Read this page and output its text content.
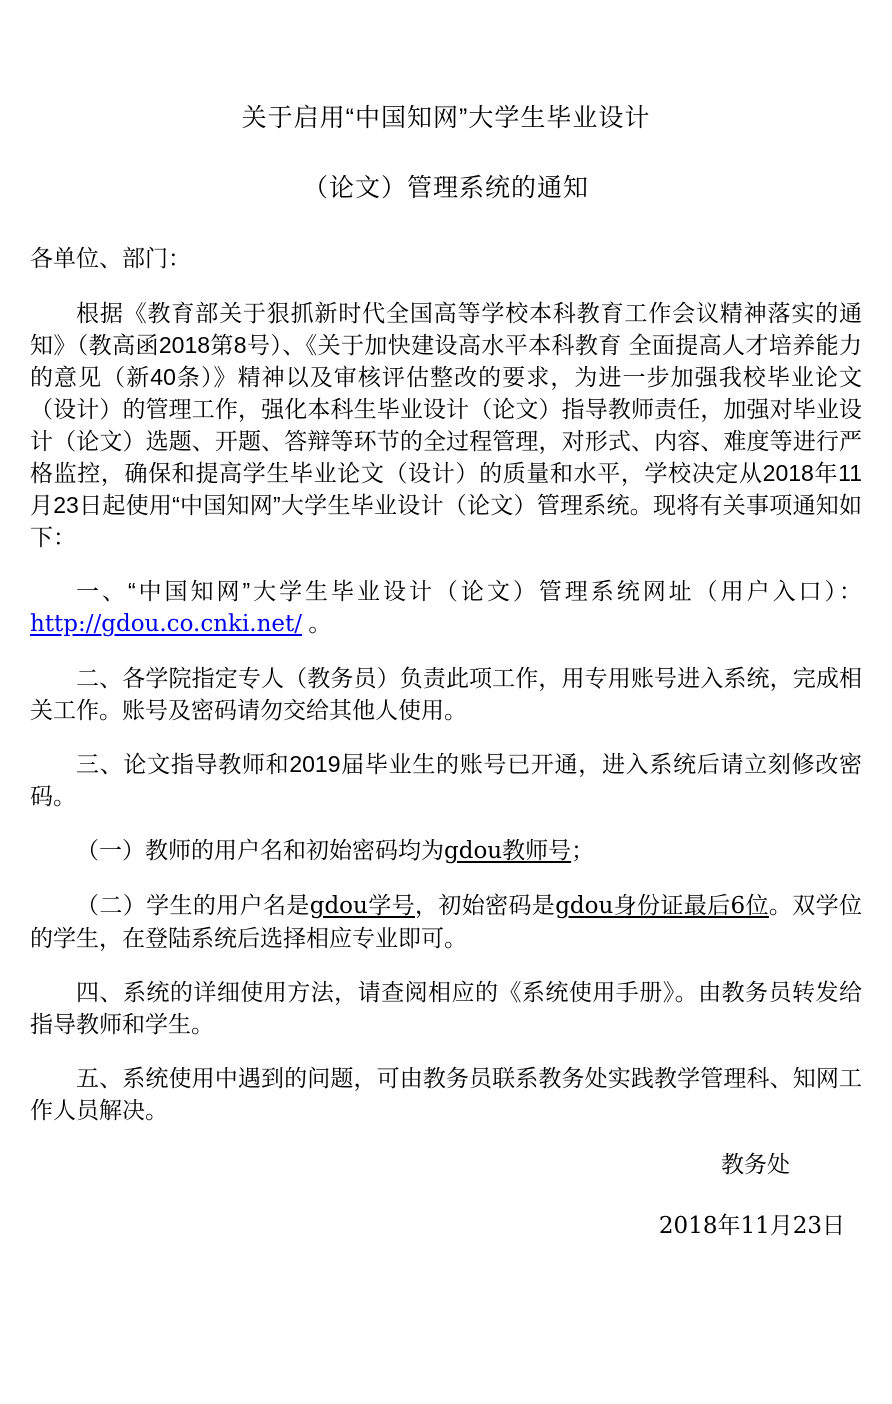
关于启用“中国知网”大学生毕业设计
（论文）管理系统的通知

各单位、部门：

根据《教育部关于狠抓新时代全国高等学校本科教育工作会议精神落实的通知》（教高函2018第8号）、《关于加快建设高水平本科教育 全面提高人才培养能力的意见（新40条）》精神以及审核评估整改的要求，为进一步加强我校毕业论文（设计）的管理工作，强化本科生毕业设计（论文）指导教师责任，加强对毕业设计（论文）选题、开题、答辩等环节的全过程管理，对形式、内容、难度等进行严格监控，确保和提高学生毕业论文（设计）的质量和水平，学校决定从2018年11月23日起使用“中国知网”大学生毕业设计（论文）管理系统。现将有关事项通知如下：

一、“中国知网”大学生毕业设计（论文）管理系统网址（用户入口）：http://gdou.co.cnki.net/ 。

二、各学院指定专人（教务员）负责此项工作，用专用账号进入系统，完成相关工作。账号及密码请勿交给其他人使用。

三、论文指导教师和2019届毕业生的账号已开通，进入系统后请立刻修改密码。

（一）教师的用户名和初始密码均为gdou教师号；

（二）学生的用户名是gdou学号，初始密码是gdou身份证最后6位。双学位的学生，在登陆系统后选择相应专业即可。

四、系统的详细使用方法，请查阅相应的《系统使用手册》。由教务员转发给指导教师和学生。

五、系统使用中遇到的问题，可由教务员联系教务处实践教学管理科、知网工作人员解决。

教务处

2018年11月23日
